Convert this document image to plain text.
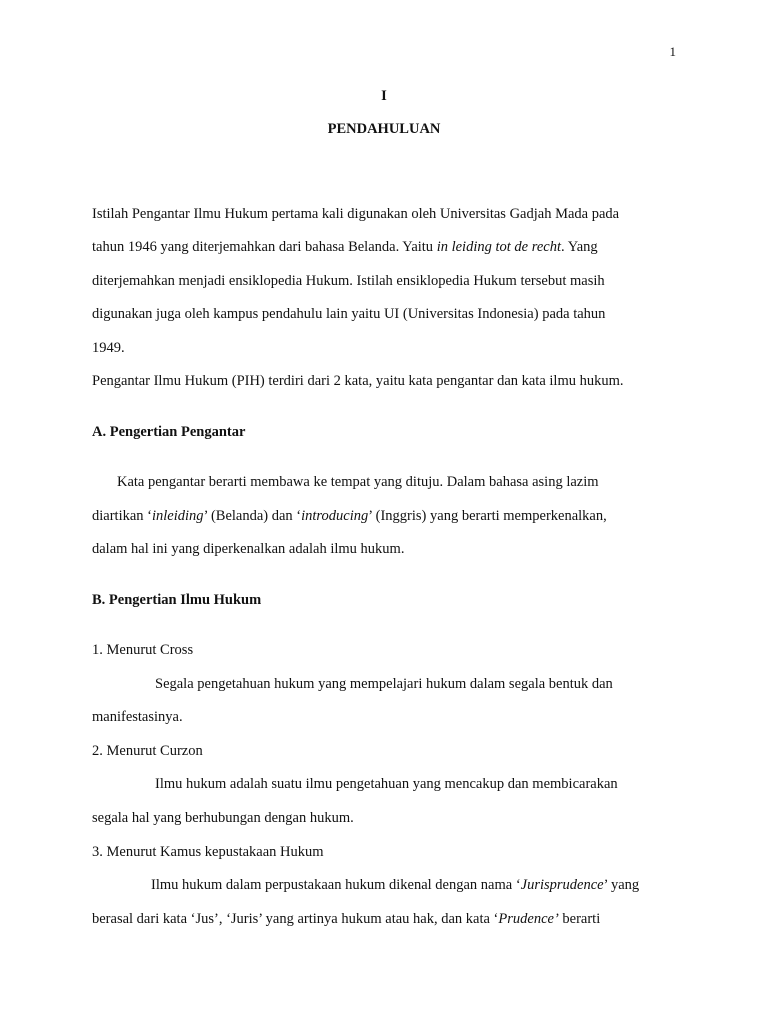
1
I
PENDAHULUAN
Istilah Pengantar Ilmu Hukum pertama kali digunakan oleh Universitas Gadjah Mada pada
tahun 1946 yang diterjemahkan dari bahasa Belanda. Yaitu in leiding tot de recht. Yang
diterjemahkan menjadi ensiklopedia Hukum. Istilah ensiklopedia Hukum tersebut masih
digunakan juga oleh kampus pendahulu lain yaitu UI (Universitas Indonesia) pada tahun
1949.
Pengantar Ilmu Hukum (PIH) terdiri dari 2 kata, yaitu kata pengantar dan kata ilmu hukum.
A. Pengertian Pengantar
Kata pengantar berarti membawa ke tempat yang dituju. Dalam bahasa asing lazim
diartikan ‘inleiding’ (Belanda) dan ‘introducing’ (Inggris) yang berarti memperkenalkan,
dalam hal ini yang diperkenalkan adalah ilmu hukum.
B. Pengertian Ilmu Hukum
1. Menurut Cross
Segala pengetahuan hukum yang mempelajari hukum dalam segala bentuk dan
manifestasinya.
2. Menurut Curzon
Ilmu hukum adalah suatu ilmu pengetahuan yang mencakup dan membicarakan
segala hal yang berhubungan dengan hukum.
3. Menurut Kamus kepustakaan Hukum
Ilmu hukum dalam perpustakaan hukum dikenal dengan nama ‘Jurisprudence’ yang
berasal dari kata ‘Jus’, ‘Juris’ yang artinya hukum atau hak, dan kata ‘Prudence’ berarti
